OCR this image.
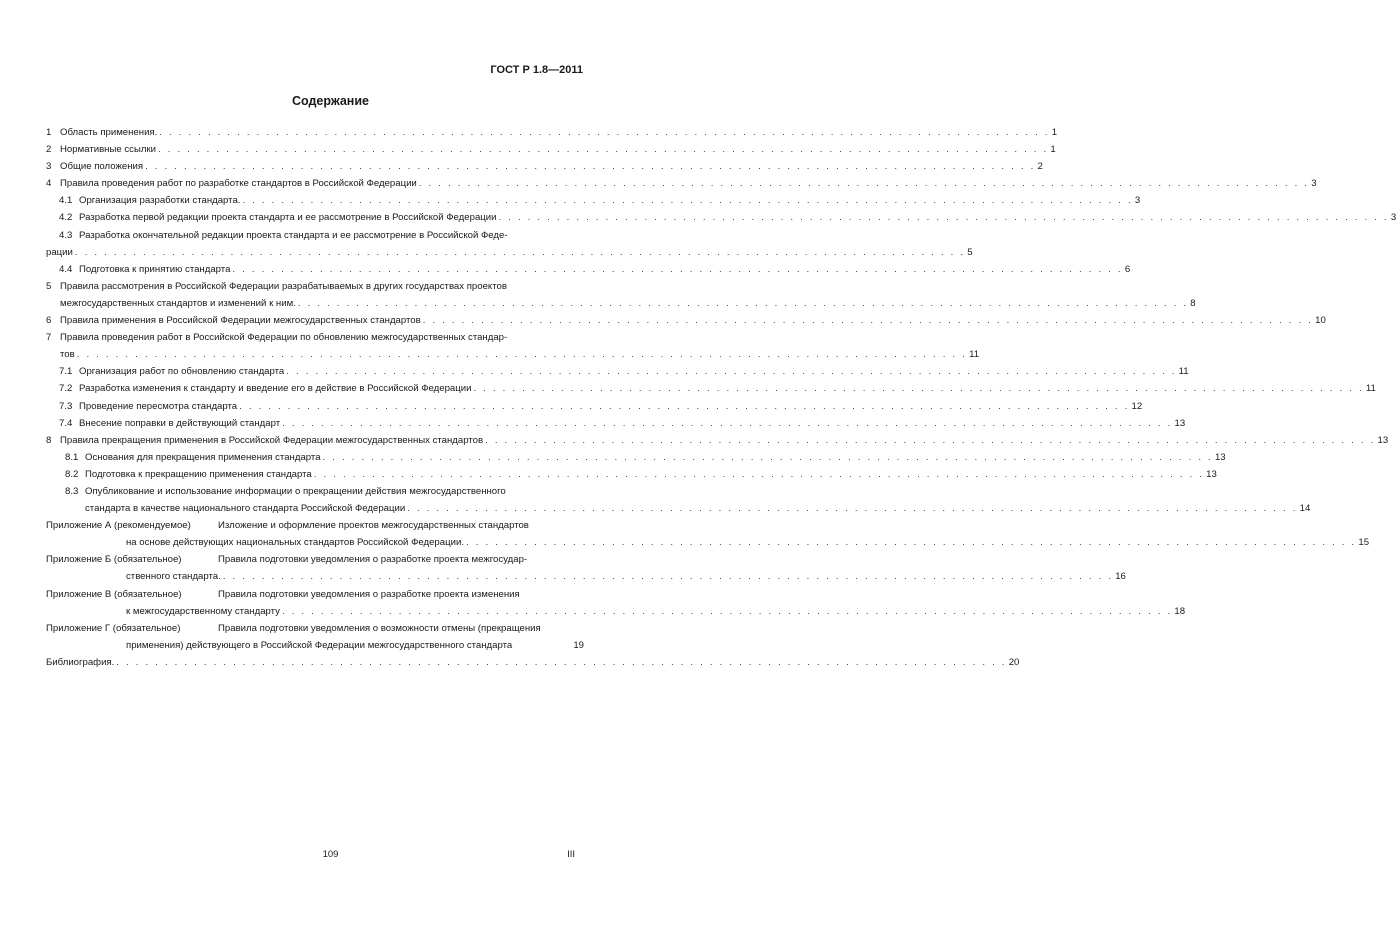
ГОСТ Р 1.8—2011
Содержание
1 Область применения. . . . . . . . . . . . . . . . . . . . . . . . . . . . . . . . . . . . . . . . . . . . . . . . . . . . . . . . . . . . . . . . . . . . . . . . . . . . . . . . . . . . . . . . . . . . . 1
2 Нормативные ссылки . . . . . . . . . . . . . . . . . . . . . . . . . . . . . . . . . . . . . . . . . . . . . . . . . . . . . . . . . . . . . . . . . . . . . . . . . . . . . . . . . . . . . . . . . . . . 1
3 Общие положения . . . . . . . . . . . . . . . . . . . . . . . . . . . . . . . . . . . . . . . . . . . . . . . . . . . . . . . . . . . . . . . . . . . . . . . . . . . . . . . . . . . . . . . . . . . . 2
4 Правила проведения работ по разработке стандартов в Российской Федерации . . . . . . . . . . . . . . . . . . . . . . . . . . . . . . . . . . . . . . . . . . . . . . . . . . . . . . . . . . . . . . . . . . . . . . . . . . . . . . . . . . . . . . . . . . . . 3
4.1 Организация разработки стандарта. . . . . . . . . . . . . . . . . . . . . . . . . . . . . . . . . . . . . . . . . . . . . . . . . . . . . . . . . . . . . . . . . . . . . . . . . . . . . . . . . . . . . . . . . . . . . 3
4.2 Разработка первой редакции проекта стандарта и ее рассмотрение в Российской Федерации . . . . . . . . . . . . . . . . . . . . . . . . . . . . . . . . . . . . . . . . . . . . . . . . . . . . . . . . . . . . . . . . . . . . . . . . . . . . . . . . . . . . . . . . . . . . 3
4.3 Разработка окончательной редакции проекта стандарта и ее рассмотрение в Российской Феде-
рации . . . . . . . . . . . . . . . . . . . . . . . . . . . . . . . . . . . . . . . . . . . . . . . . . . . . . . . . . . . . . . . . . . . . . . . . . . . . . . . . . . . . . . . . . . . . 5
4.4 Подготовка к принятию стандарта . . . . . . . . . . . . . . . . . . . . . . . . . . . . . . . . . . . . . . . . . . . . . . . . . . . . . . . . . . . . . . . . . . . . . . . . . . . . . . . . . . . . . . . . . . . . 6
5 Правила рассмотрения в Российской Федерации разрабатываемых в других государствах проектов
межгосударственных стандартов и изменений к ним. . . . . . . . . . . . . . . . . . . . . . . . . . . . . . . . . . . . . . . . . . . . . . . . . . . . . . . . . . . . . . . . . . . . . . . . . . . . . . . . . . . . . . . . . . . . . 8
6 Правила применения в Российской Федерации межгосударственных стандартов . . . . . . . . . . . . . . . . . . . . . . . . . . . . . . . . . . . . . . . . . . . . . . . . . . . . . . . . . . . . . . . . . . . . . . . . . . . . . . . . . . . . . . . . . . . . 10
7 Правила проведения работ в Российской Федерации по обновлению межгосударственных стандар-
тов . . . . . . . . . . . . . . . . . . . . . . . . . . . . . . . . . . . . . . . . . . . . . . . . . . . . . . . . . . . . . . . . . . . . . . . . . . . . . . . . . . . . . . . . . . . . 11
7.1 Организация работ по обновлению стандарта . . . . . . . . . . . . . . . . . . . . . . . . . . . . . . . . . . . . . . . . . . . . . . . . . . . . . . . . . . . . . . . . . . . . . . . . . . . . . . . . . . . . . . . . . . . . 11
7.2 Разработка изменения к стандарту и введение его в действие в Российской Федерации . . . . . . . . . . . . . . . . . . . . . . . . . . . . . . . . . . . . . . . . . . . . . . . . . . . . . . . . . . . . . . . . . . . . . . . . . . . . . . . . . . . . . . . . . . . . 11
7.3 Проведение пересмотра стандарта . . . . . . . . . . . . . . . . . . . . . . . . . . . . . . . . . . . . . . . . . . . . . . . . . . . . . . . . . . . . . . . . . . . . . . . . . . . . . . . . . . . . . . . . . . . . 12
7.4 Внесение поправки в действующий стандарт . . . . . . . . . . . . . . . . . . . . . . . . . . . . . . . . . . . . . . . . . . . . . . . . . . . . . . . . . . . . . . . . . . . . . . . . . . . . . . . . . . . . . . . . . . . . 13
8 Правила прекращения применения в Российской Федерации межгосударственных стандартов . . . . . . . . . . . . . . . . . . . . . . . . . . . . . . . . . . . . . . . . . . . . . . . . . . . . . . . . . . . . . . . . . . . . . . . . . . . . . . . . . . . . . . . . . . . . 13
8.1 Основания для прекращения применения стандарта . . . . . . . . . . . . . . . . . . . . . . . . . . . . . . . . . . . . . . . . . . . . . . . . . . . . . . . . . . . . . . . . . . . . . . . . . . . . . . . . . . . . . . . . . . . . 13
8.2 Подготовка к прекращению применения стандарта . . . . . . . . . . . . . . . . . . . . . . . . . . . . . . . . . . . . . . . . . . . . . . . . . . . . . . . . . . . . . . . . . . . . . . . . . . . . . . . . . . . . . . . . . . . . 13
8.3 Опубликование и использование информации о прекращении действия межгосударственного
стандарта в качестве национального стандарта Российской Федерации . . . . . . . . . . . . . . . . . . . . . . . . . . . . . . . . . . . . . . . . . . . . . . . . . . . . . . . . . . . . . . . . . . . . . . . . . . . . . . . . . . . . . . . . . . . . 14
Приложение А (рекомендуемое)	Изложение и оформление проектов межгосударственных стандартов
на основе действующих национальных стандартов Российской Федерации. . . . . . . . . . . . . . . . . . . . . . . . . . . . . . . . . . . . . . . . . . . . . . . . . . . . . . . . . . . . . . . . . . . . . . . . . . . . . . . . . . . . . . . . . . . . . 15
Приложение Б (обязательное)	Правила подготовки уведомления о разработке проекта межгосудар-
ственного стандарта. . . . . . . . . . . . . . . . . . . . . . . . . . . . . . . . . . . . . . . . . . . . . . . . . . . . . . . . . . . . . . . . . . . . . . . . . . . . . . . . . . . . . . . . . . . . . 16
Приложение В (обязательное)	Правила подготовки уведомления о разработке проекта изменения
к межгосударственному стандарту . . . . . . . . . . . . . . . . . . . . . . . . . . . . . . . . . . . . . . . . . . . . . . . . . . . . . . . . . . . . . . . . . . . . . . . . . . . . . . . . . . . . . . . . . . . . 18
Приложение Г (обязательное)	Правила подготовки уведомления о возможности отмены (прекращения
применения) действующего в Российской Федерации межгосударственного стандарта	19
Библиография. . . . . . . . . . . . . . . . . . . . . . . . . . . . . . . . . . . . . . . . . . . . . . . . . . . . . . . . . . . . . . . . . . . . . . . . . . . . . . . . . . . . . . . . . . . . . 20
109	III
